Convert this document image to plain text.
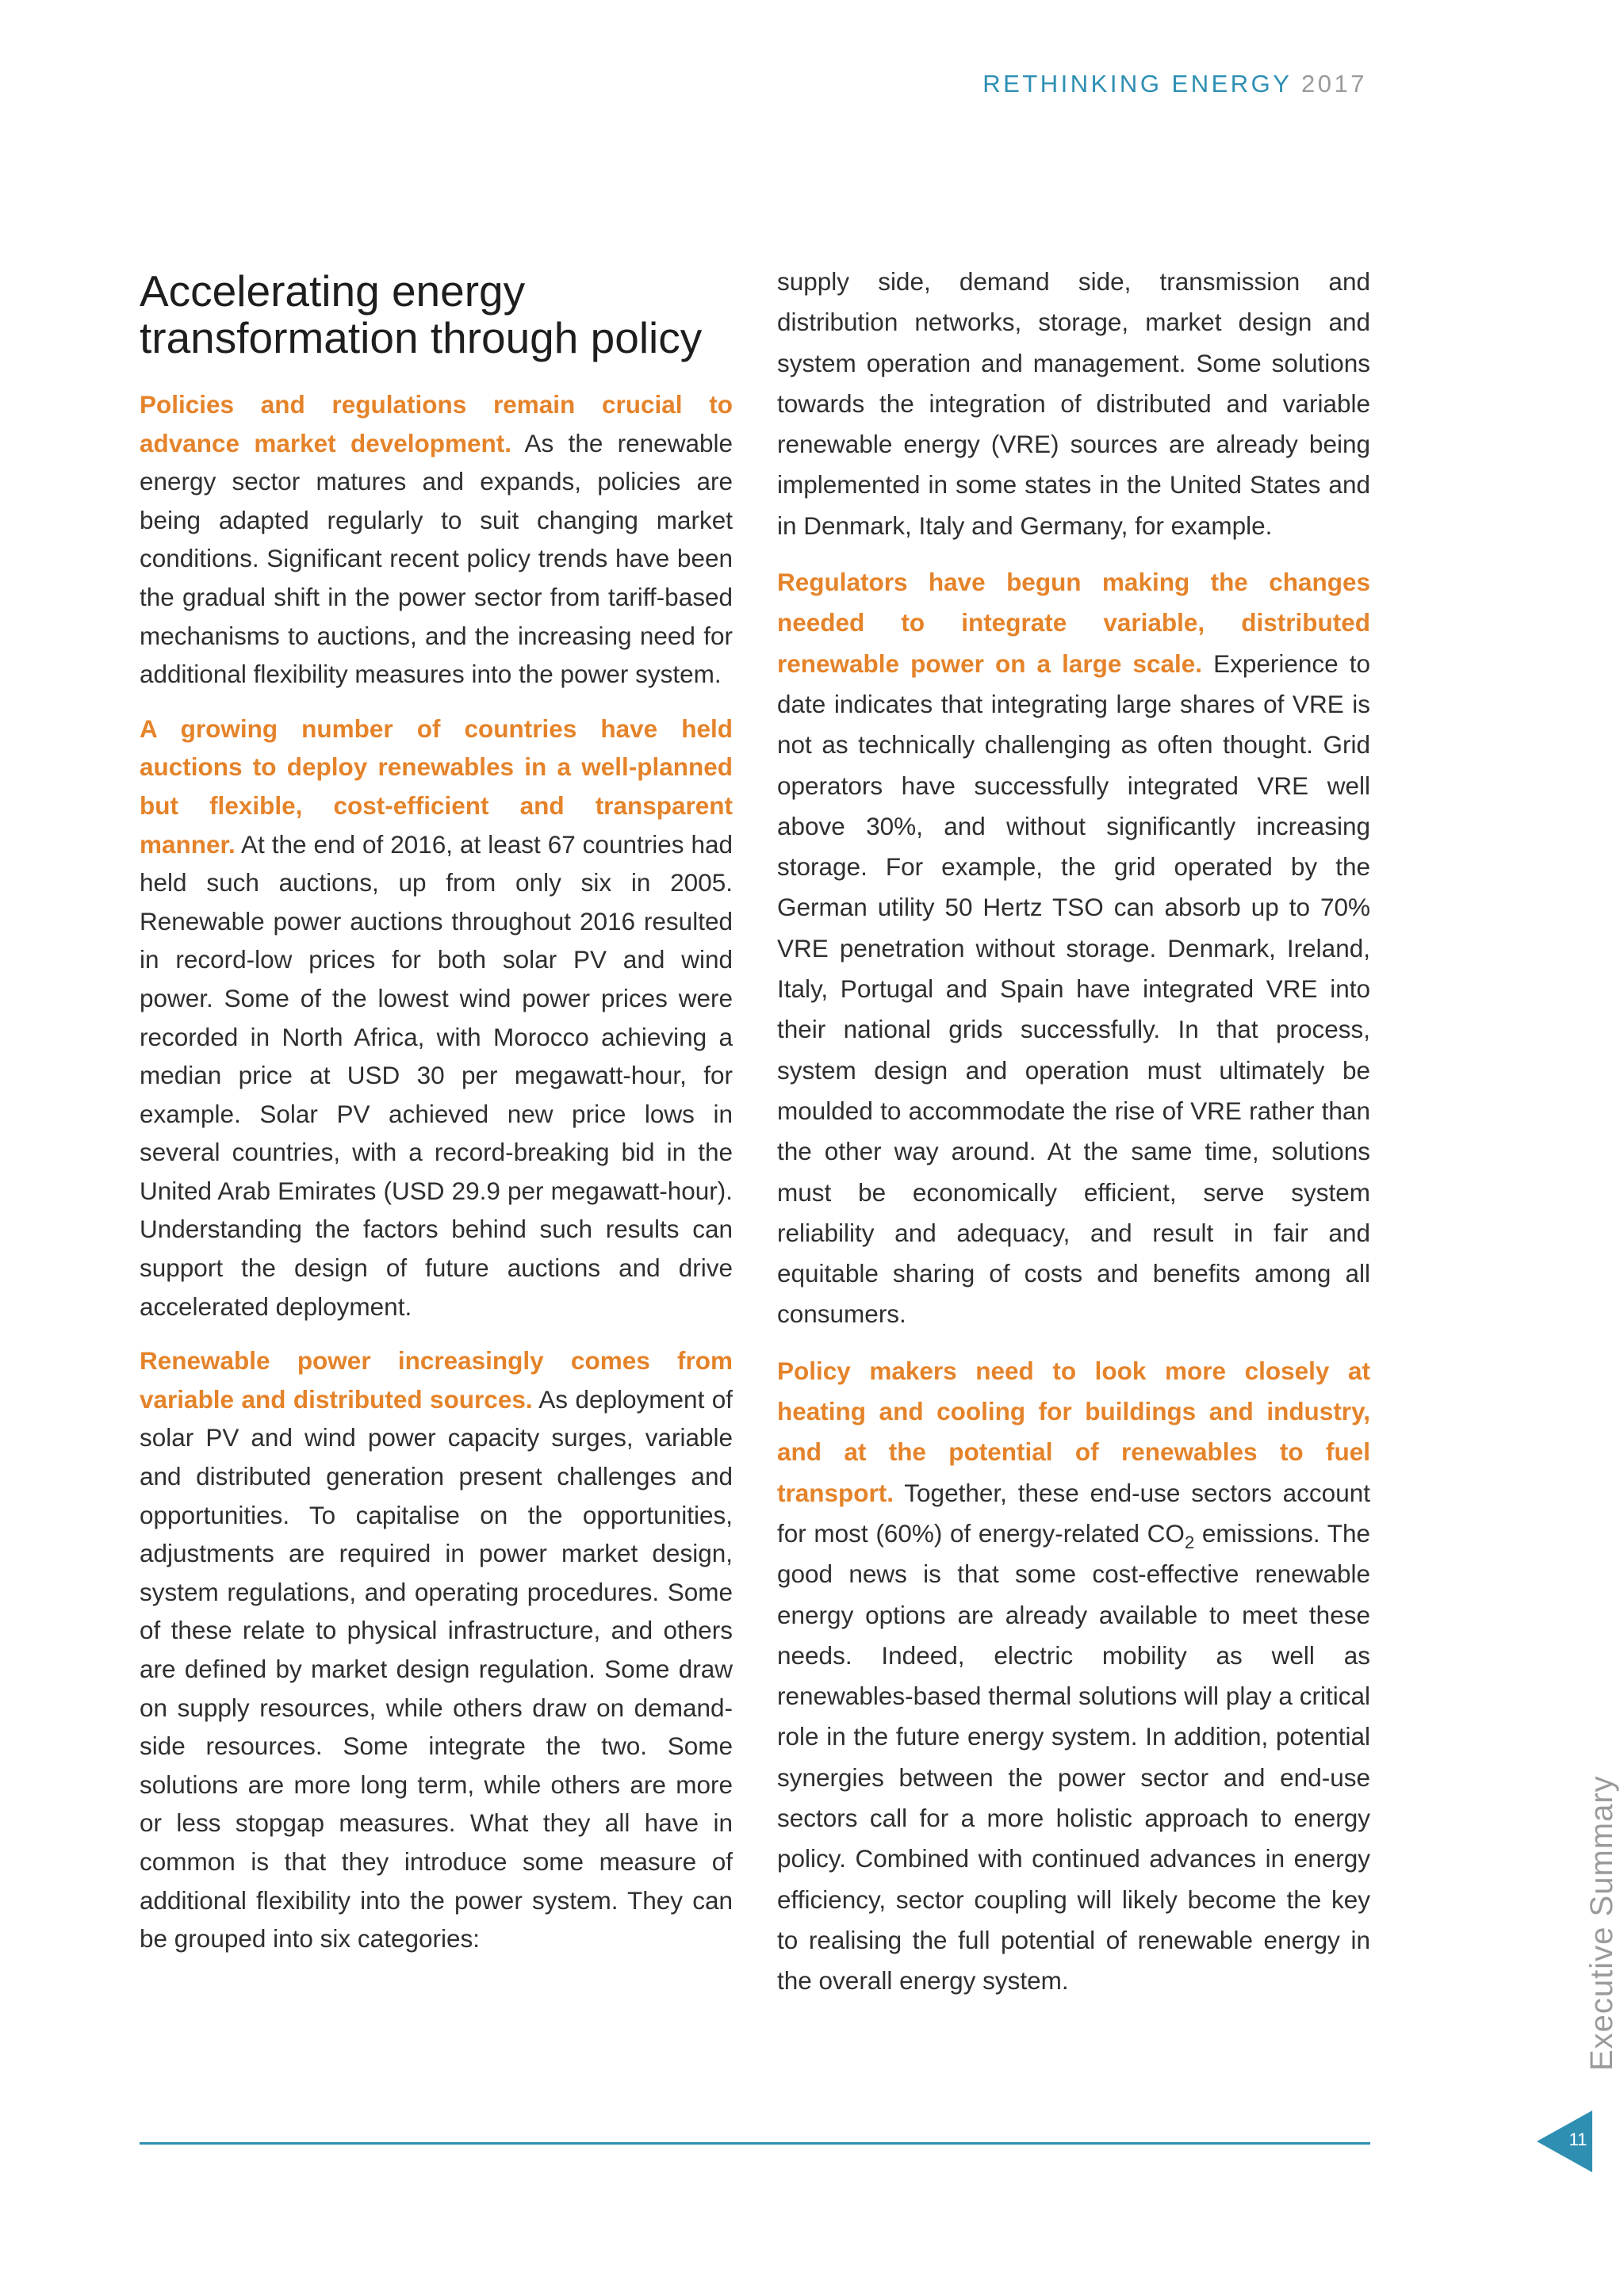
RETHINKING ENERGY 2017
Accelerating energy transformation through policy

Policies and regulations remain crucial to advance market development. As the renewable energy sector matures and expands, policies are being adapted regularly to suit changing market conditions. Significant recent policy trends have been the gradual shift in the power sector from tariff-based mechanisms to auctions, and the increasing need for additional flexibility measures into the power system.

A growing number of countries have held auctions to deploy renewables in a well-planned but flexible, cost-efficient and transparent manner. At the end of 2016, at least 67 countries had held such auctions, up from only six in 2005. Renewable power auctions throughout 2016 resulted in record-low prices for both solar PV and wind power. Some of the lowest wind power prices were recorded in North Africa, with Morocco achieving a median price at USD 30 per megawatt-hour, for example. Solar PV achieved new price lows in several countries, with a record-breaking bid in the United Arab Emirates (USD 29.9 per megawatt-hour). Understanding the factors behind such results can support the design of future auctions and drive accelerated deployment.

Renewable power increasingly comes from variable and distributed sources. As deployment of solar PV and wind power capacity surges, variable and distributed generation present challenges and opportunities. To capitalise on the opportunities, adjustments are required in power market design, system regulations, and operating procedures. Some of these relate to physical infrastructure, and others are defined by market design regulation. Some draw on supply resources, while others draw on demand-side resources. Some integrate the two. Some solutions are more long term, while others are more or less stopgap measures. What they all have in common is that they introduce some measure of additional flexibility into the power system. They can be grouped into six categories:

supply side, demand side, transmission and distribution networks, storage, market design and system operation and management. Some solutions towards the integration of distributed and variable renewable energy (VRE) sources are already being implemented in some states in the United States and in Denmark, Italy and Germany, for example.

Regulators have begun making the changes needed to integrate variable, distributed renewable power on a large scale. Experience to date indicates that integrating large shares of VRE is not as technically challenging as often thought. Grid operators have successfully integrated VRE well above 30%, and without significantly increasing storage. For example, the grid operated by the German utility 50 Hertz TSO can absorb up to 70% VRE penetration without storage. Denmark, Ireland, Italy, Portugal and Spain have integrated VRE into their national grids successfully. In that process, system design and operation must ultimately be moulded to accommodate the rise of VRE rather than the other way around. At the same time, solutions must be economically efficient, serve system reliability and adequacy, and result in fair and equitable sharing of costs and benefits among all consumers.

Policy makers need to look more closely at heating and cooling for buildings and industry, and at the potential of renewables to fuel transport. Together, these end-use sectors account for most (60%) of energy-related $CO_2$ emissions. The good news is that some cost-effective renewable energy options are already available to meet these needs. Indeed, electric mobility as well as renewables-based thermal solutions will play a critical role in the future energy system. In addition, potential synergies between the power sector and end-use sectors call for a more holistic approach to energy policy. Combined with continued advances in energy efficiency, sector coupling will likely become the key to realising the full potential of renewable energy in the overall energy system.	Executive Summary
11
